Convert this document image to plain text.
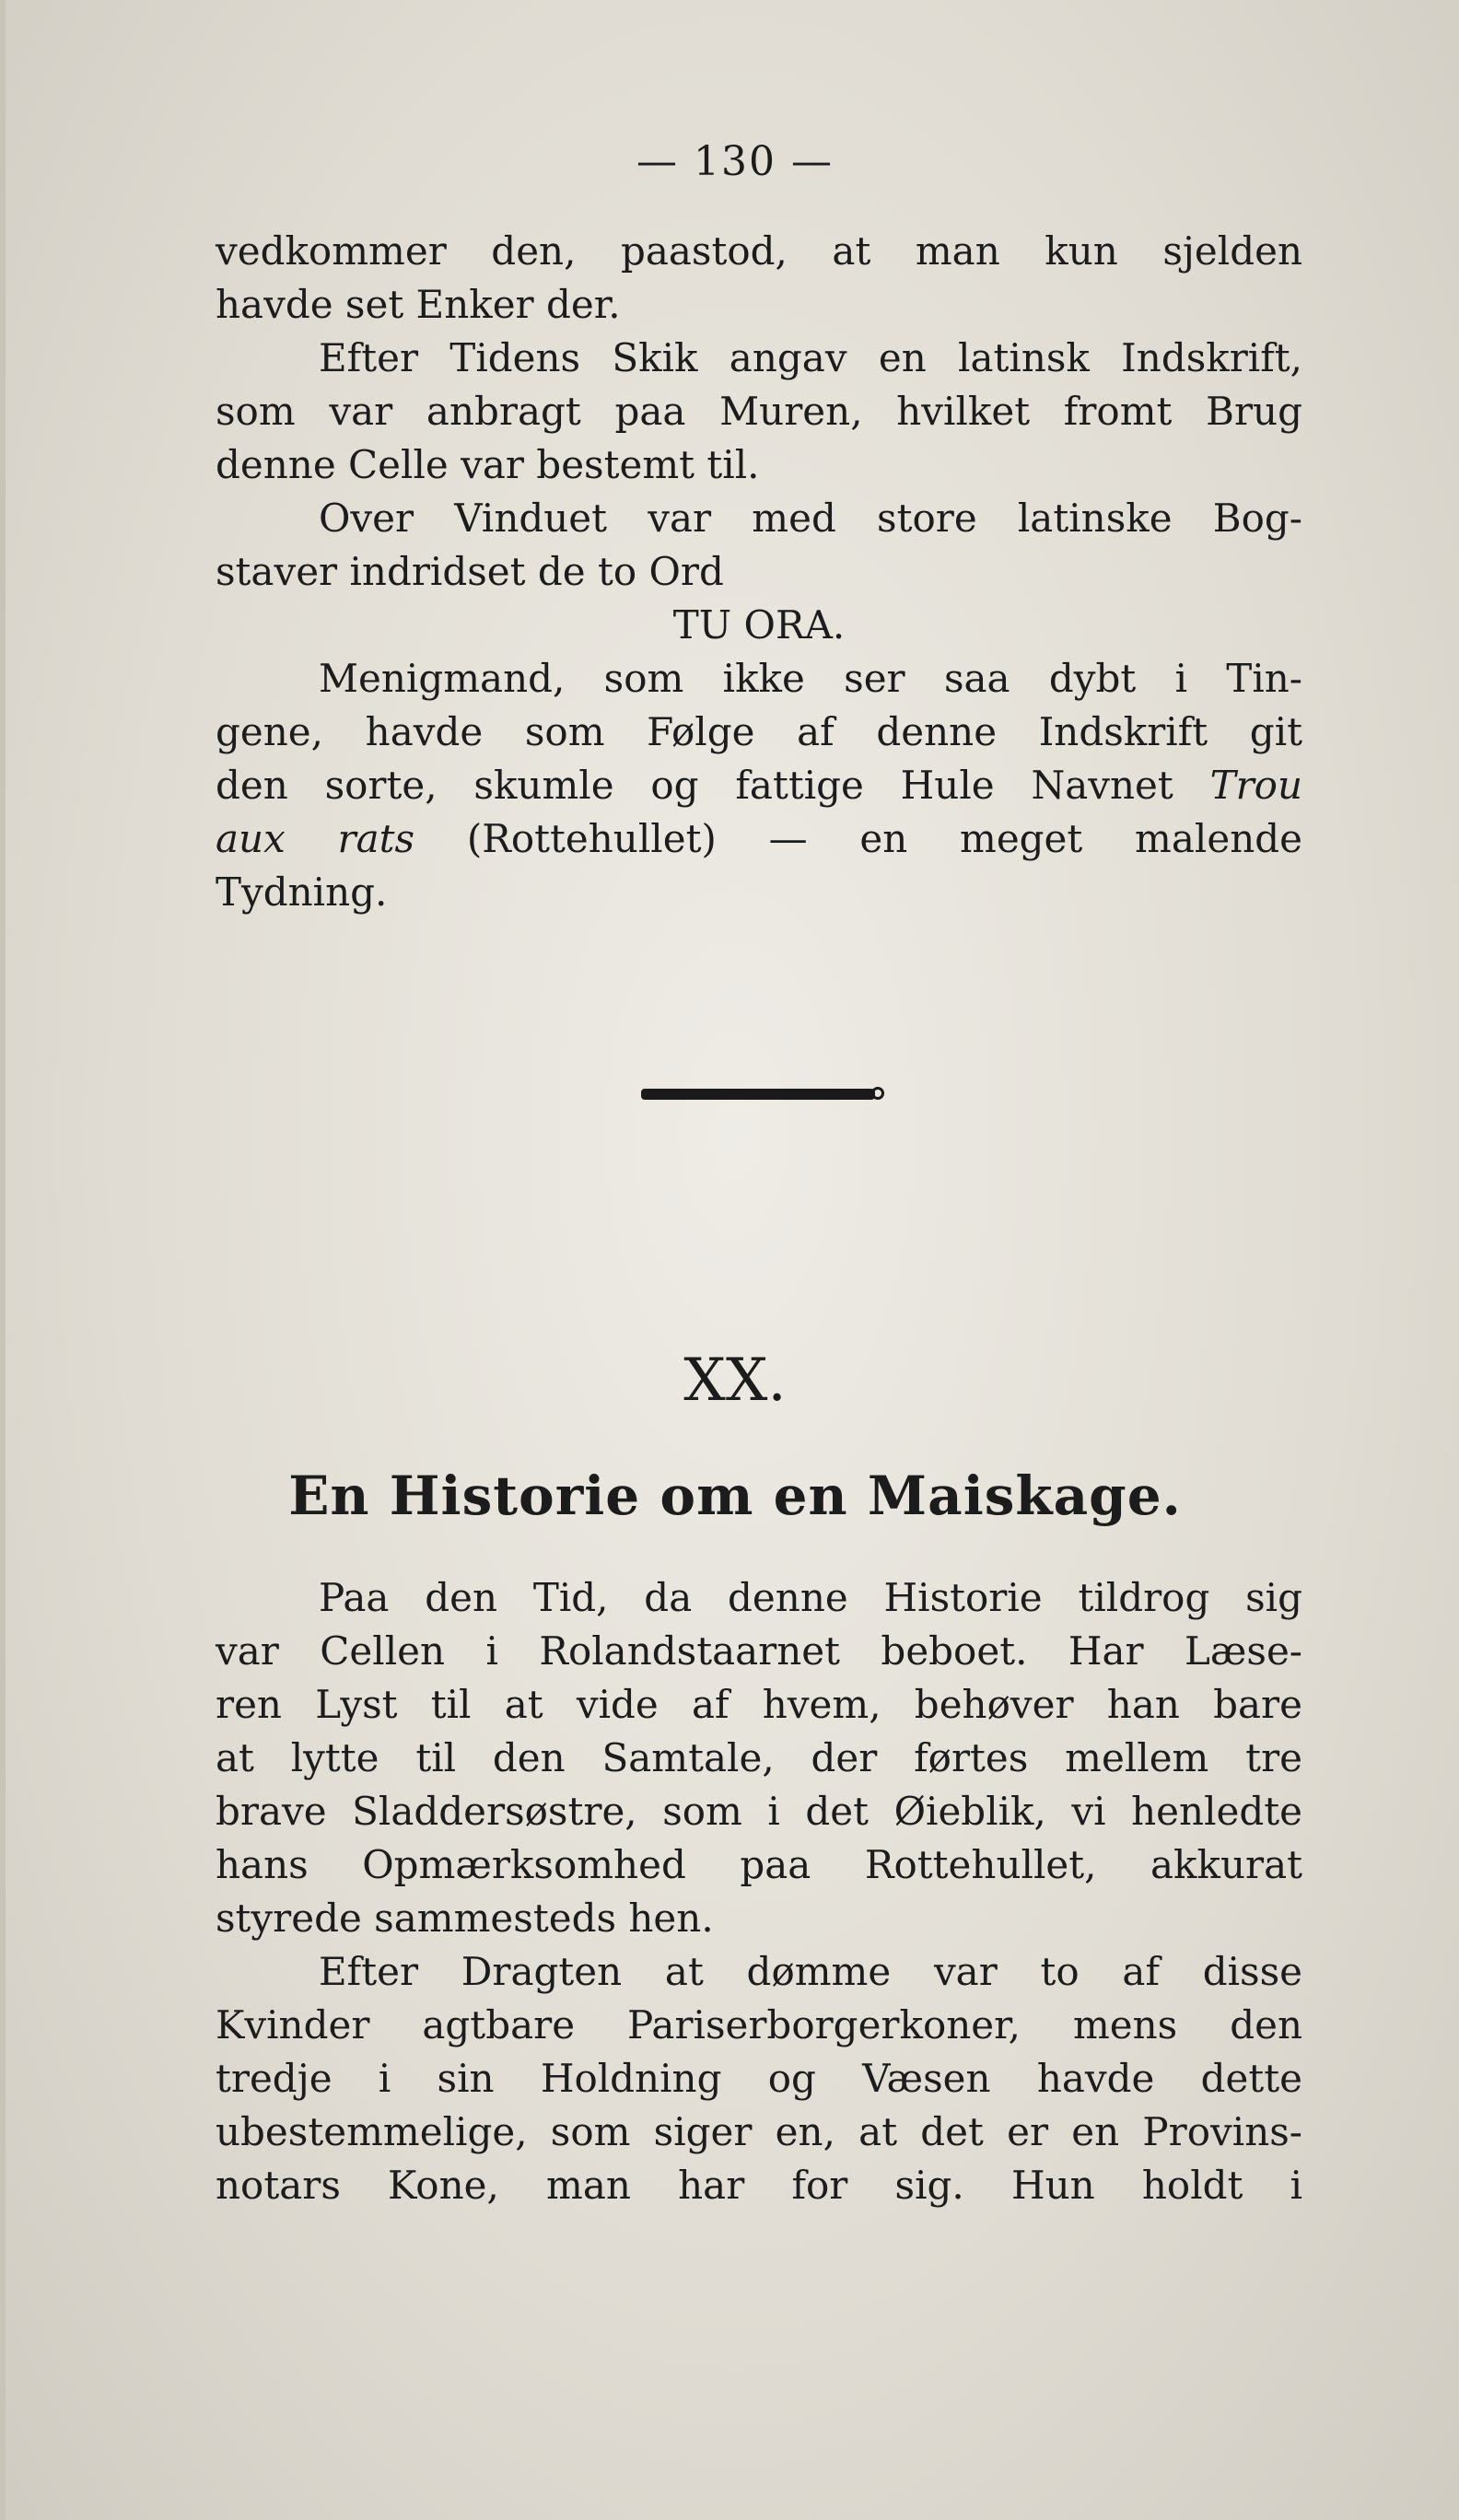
— 130 —

vedkommer den, paastod, at man kun sjelden

havde set Enker der.

Efter Tidens Skik angav en latinsk Indskrift,

som var anbragt paa Muren, hvilket fromt Brug

denne Celle var bestemt til.

Over Vinduet var med store latinske Bog-

staver indridset de to Ord

TU ORA.

Menigmand, som ikke ser saa dybt i Tin-

gene, havde som Følge af denne Indskrift git

den sorte, skumle og fattige Hule Navnet Trou

aux rats (Rottehullet) — en meget malende

Tydning.

XX.
En Historie om en Maiskage.

Paa den Tid, da denne Historie tildrog sig

var Cellen i Rolandstaarnet beboet. Har Læse-

ren Lyst til at vide af hvem, behøver han bare

at lytte til den Samtale, der førtes mellem tre

brave Sladdersøstre, som i det Øieblik, vi henledte

hans Opmærksomhed paa Rottehullet, akkurat

styrede sammesteds hen.

Efter Dragten at dømme var to af disse

Kvinder agtbare Pariserborgerkoner, mens den

tredje i sin Holdning og Væsen havde dette

ubestemmelige, som siger en, at det er en Provins-

notars Kone, man har for sig. Hun holdt i
